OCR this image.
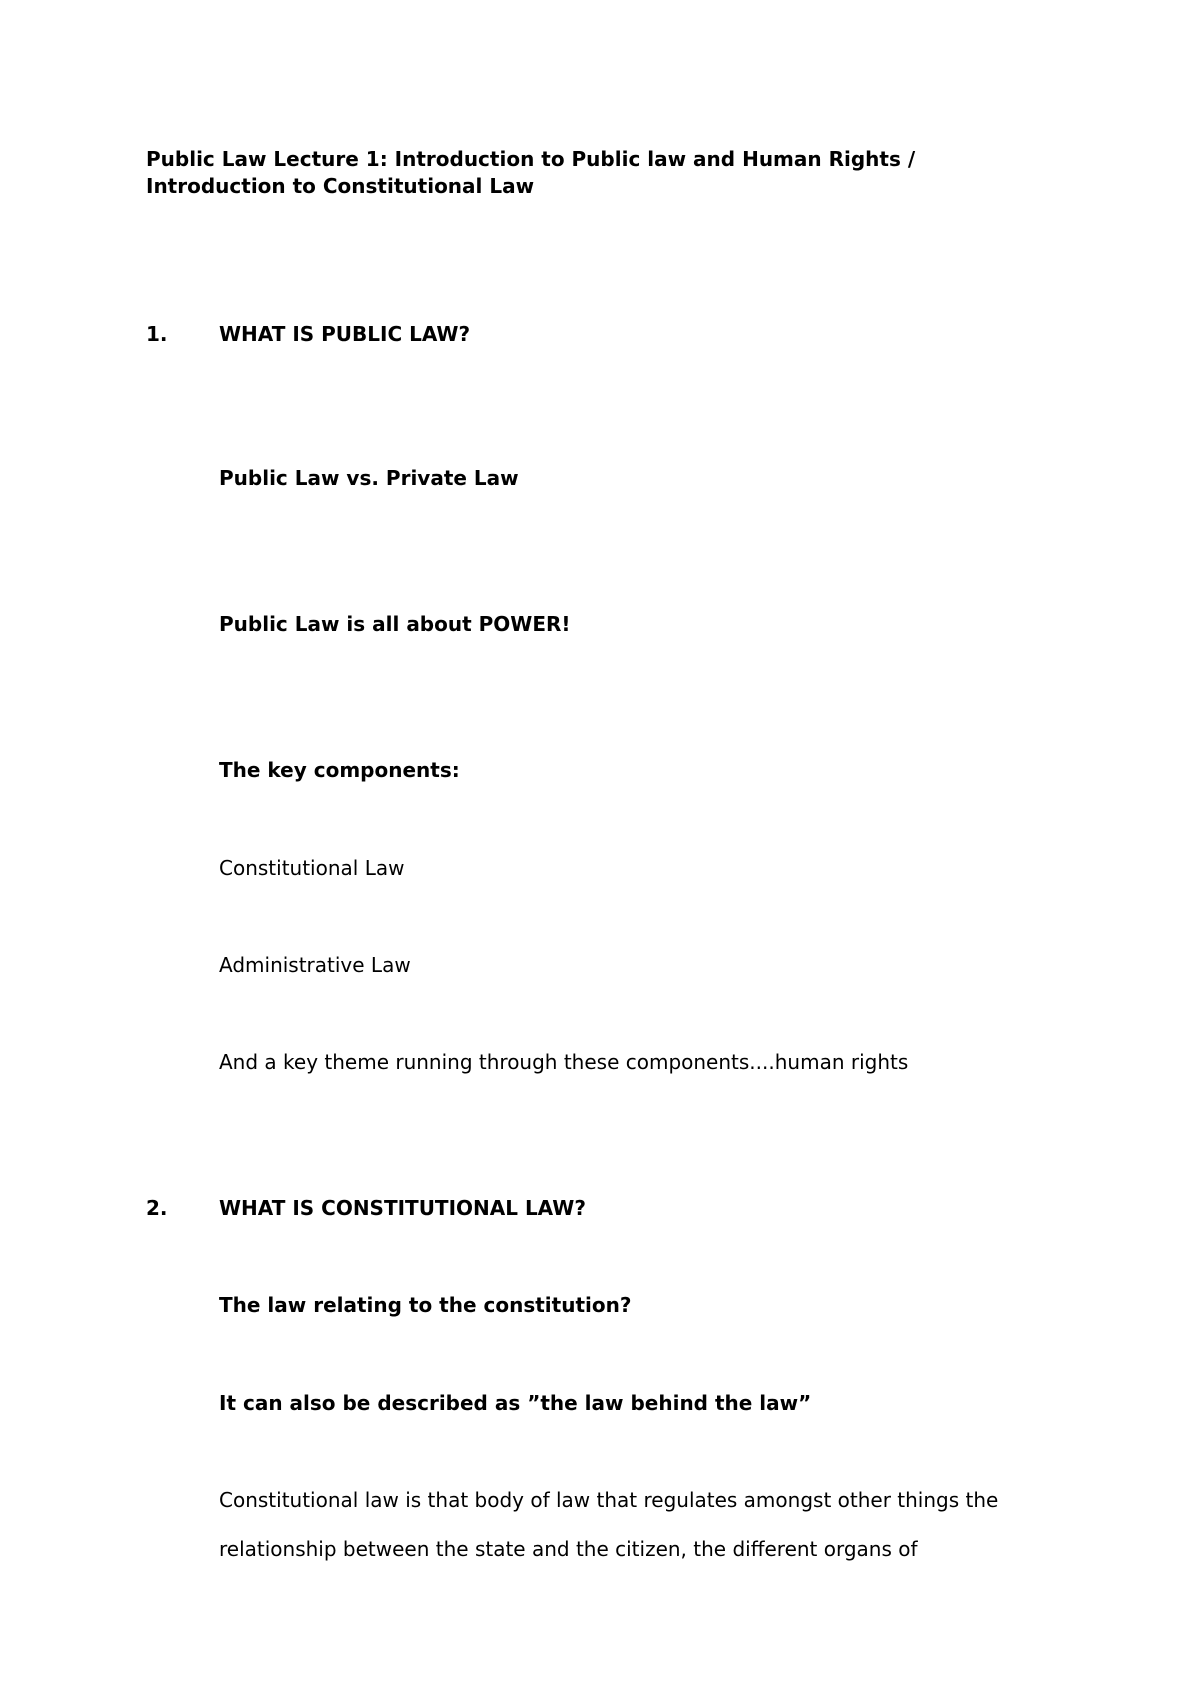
Public Law Lecture 1: Introduction to Public law and Human Rights /
Introduction to Constitutional Law
1.	WHAT IS PUBLIC LAW?
Public Law vs. Private Law
Public Law is all about POWER!
The key components:
Constitutional Law
Administrative Law
And a key theme running through these components....human rights
2.	WHAT IS CONSTITUTIONAL LAW?
The law relating to the constitution?
It can also be described as ”the law behind the law”
Constitutional law is that body of law that regulates amongst other things the
relationship between the state and the citizen, the different organs of
